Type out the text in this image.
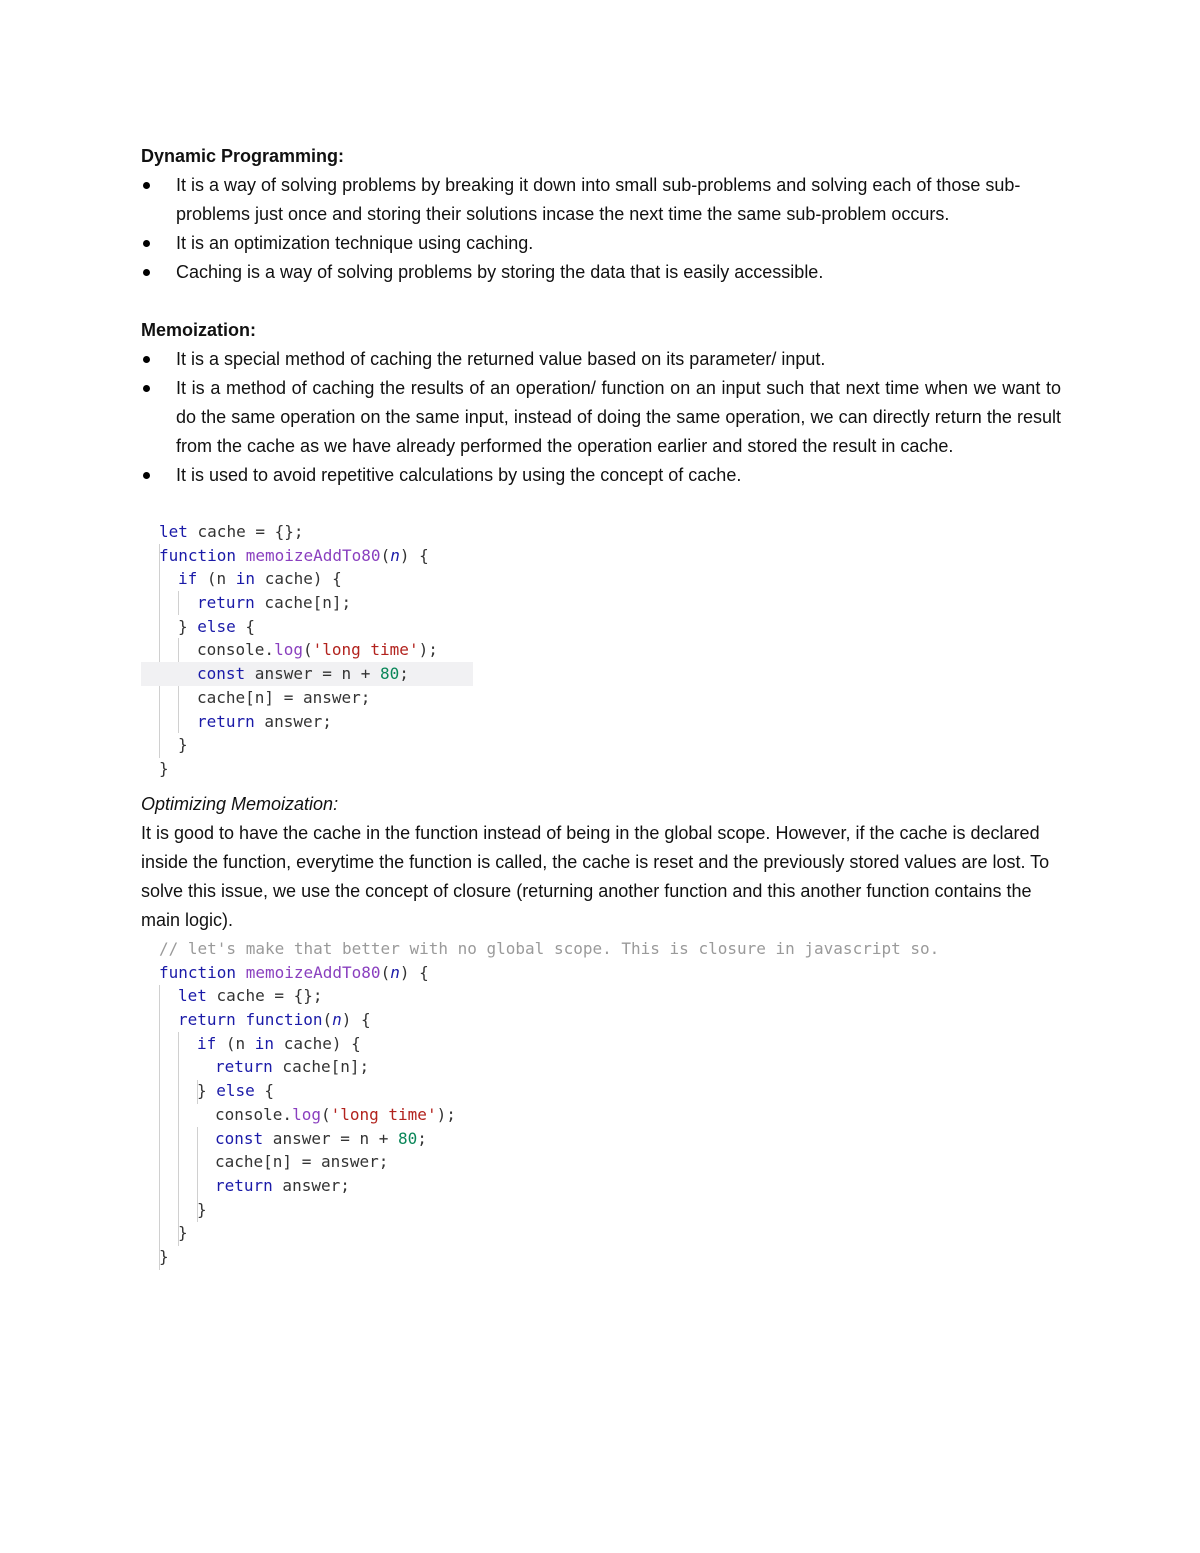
Dynamic Programming:
It is a way of solving problems by breaking it down into small sub-problems and solving each of those sub-problems just once and storing their solutions incase the next time the same sub-problem occurs.
It is an optimization technique using caching.
Caching is a way of solving problems by storing the data that is easily accessible.
Memoization:
It is a special method of caching the returned value based on its parameter/ input.
It is a method of caching the results of an operation/ function on an input such that next time when we want to do the same operation on the same input, instead of doing the same operation, we can directly return the result from the cache as we have already performed the operation earlier and stored the result in cache.
It is used to avoid repetitive calculations by using the concept of cache.
let cache = {};
function memoizeAddTo80(n) {
if (n in cache) {
return cache[n];
} else {
console.log('long time');
const answer = n + 80;
cache[n] = answer;
return answer;
}
}
Optimizing Memoization:
It is good to have the cache in the function instead of being in the global scope. However, if the cache is declared inside the function, everytime the function is called, the cache is reset and the previously stored values are lost. To solve this issue, we use the concept of closure (returning another function and this another function contains the main logic).
// let's make that better with no global scope. This is closure in javascript so.
function memoizeAddTo80(n) {
let cache = {};
return function(n) {
if (n in cache) {
return cache[n];
} else {
console.log('long time');
const answer = n + 80;
cache[n] = answer;
return answer;
}
}
}
